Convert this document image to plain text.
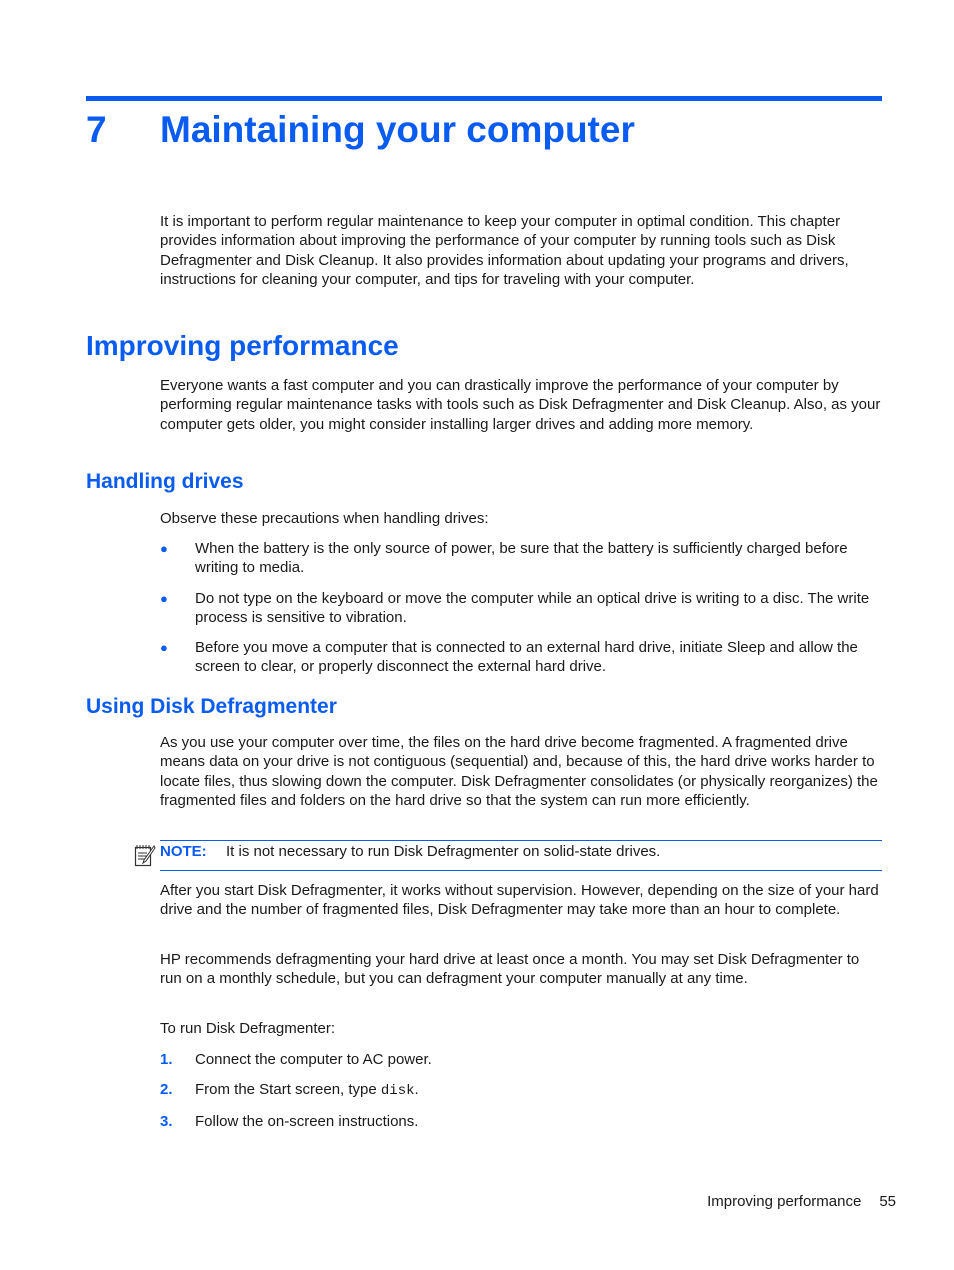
7 Maintaining your computer

It is important to perform regular maintenance to keep your computer in optimal condition. This chapter provides information about improving the performance of your computer by running tools such as Disk Defragmenter and Disk Cleanup. It also provides information about updating your programs and drivers, instructions for cleaning your computer, and tips for traveling with your computer.

Improving performance

Everyone wants a fast computer and you can drastically improve the performance of your computer by performing regular maintenance tasks with tools such as Disk Defragmenter and Disk Cleanup. Also, as your computer gets older, you might consider installing larger drives and adding more memory.

Handling drives

Observe these precautions when handling drives:

● When the battery is the only source of power, be sure that the battery is sufficiently charged before writing to media.
● Do not type on the keyboard or move the computer while an optical drive is writing to a disc. The write process is sensitive to vibration.
● Before you move a computer that is connected to an external hard drive, initiate Sleep and allow the screen to clear, or properly disconnect the external hard drive.
Using Disk Defragmenter

As you use your computer over time, the files on the hard drive become fragmented. A fragmented drive means data on your drive is not contiguous (sequential) and, because of this, the hard drive works harder to locate files, thus slowing down the computer. Disk Defragmenter consolidates (or physically reorganizes) the fragmented files and folders on the hard drive so that the system can run more efficiently.

NOTE: It is not necessary to run Disk Defragmenter on solid-state drives.

After you start Disk Defragmenter, it works without supervision. However, depending on the size of your hard drive and the number of fragmented files, Disk Defragmenter may take more than an hour to complete.

HP recommends defragmenting your hard drive at least once a month. You may set Disk Defragmenter to run on a monthly schedule, but you can defragment your computer manually at any time.

To run Disk Defragmenter:

1. Connect the computer to AC power.
2. From the Start screen, type disk.
3. Follow the on-screen instructions.
Improving performance 55
